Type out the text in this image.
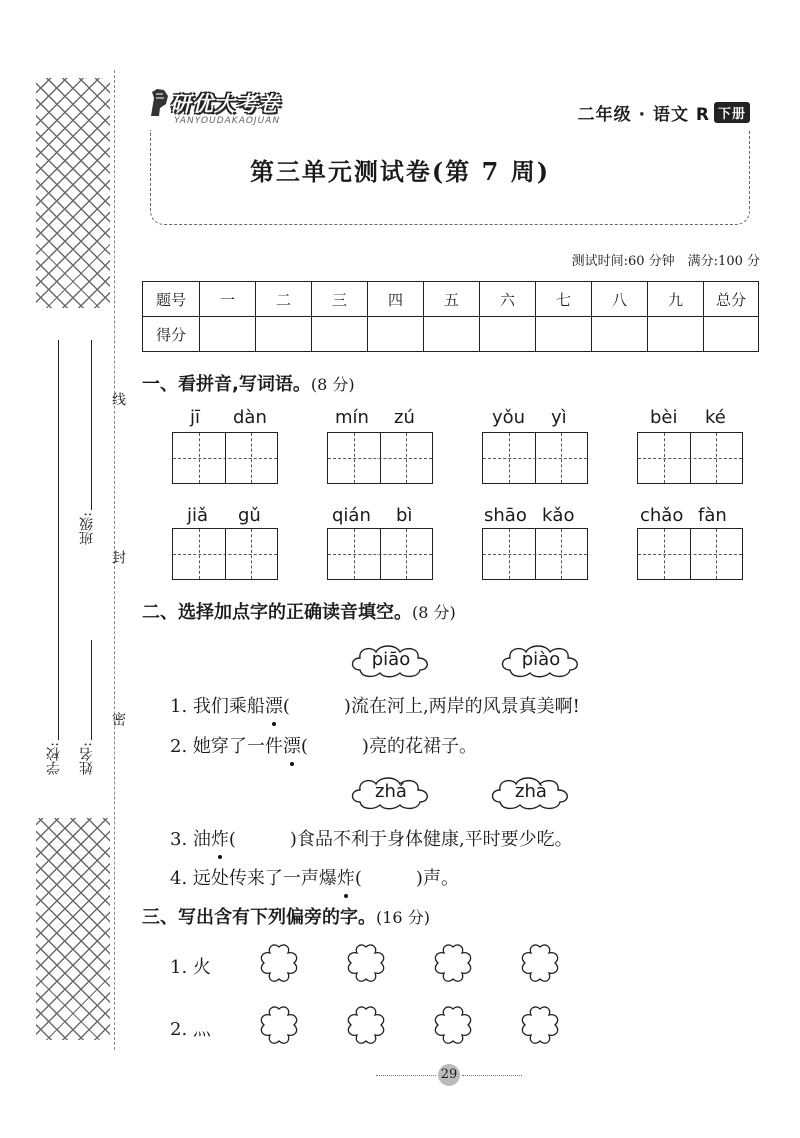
学校: 姓名:
班级:
线
封
密
研优大考卷
YANYOUDAKAOJUAN	二年级 · 语文 R 下册
第三单元测试卷(第 7 周)
测试时间:60 分钟　满分:100 分
题号	一	二	三	四	五	六	七	八	九	总分
得分										
一、看拼音,写词语。(8 分)
jī dàn	mín zú	yǒu yì	bèi ké
jiǎ gǔ	qián bì	shāo kǎo	chǎo fàn
二、选择加点字的正确读音填空。(8 分)
piāo	piào
1. 我们乘船漂(　　　)流在河上,两岸的风景真美啊!
2. 她穿了一件漂(　　　)亮的花裙子。
zhá	zhà
3. 油炸(　　　)食品不利于身体健康,平时要少吃。
4. 远处传来了一声爆炸(　　　)声。
三、写出含有下列偏旁的字。(16 分)
1. 火
2. 灬
29
